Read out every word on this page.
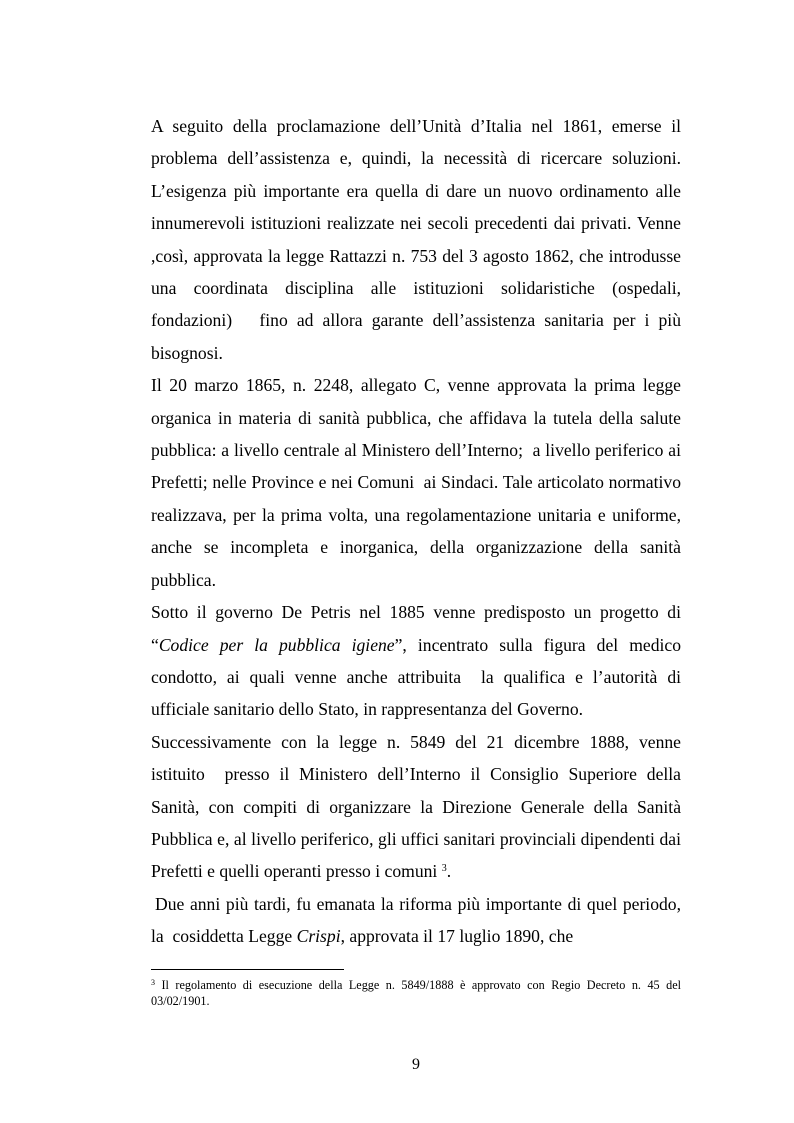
A seguito della proclamazione dell’Unità d’Italia nel 1861, emerse il problema dell’assistenza e, quindi, la necessità di ricercare soluzioni. L’esigenza più importante era quella di dare un nuovo ordinamento alle innumerevoli istituzioni realizzate nei secoli precedenti dai privati. Venne ,così, approvata la legge Rattazzi n. 753 del 3 agosto 1862, che introdusse una coordinata disciplina alle istituzioni solidaristiche (ospedali, fondazioni)   fino ad allora garante dell’assistenza sanitaria per i più bisognosi.

Il 20 marzo 1865, n. 2248, allegato C, venne approvata la prima legge organica in materia di sanità pubblica, che affidava la tutela della salute pubblica: a livello centrale al Ministero dell’Interno;  a livello periferico ai Prefetti; nelle Province e nei Comuni  ai Sindaci. Tale articolato normativo realizzava, per la prima volta, una regolamentazione unitaria e uniforme, anche se incompleta e inorganica, della organizzazione della sanità pubblica.

Sotto il governo De Petris nel 1885 venne predisposto un progetto di “Codice per la pubblica igiene”, incentrato sulla figura del medico condotto, ai quali venne anche attribuita  la qualifica e l’autorità di ufficiale sanitario dello Stato, in rappresentanza del Governo.

Successivamente con la legge n. 5849 del 21 dicembre 1888, venne istituito  presso il Ministero dell’Interno il Consiglio Superiore della Sanità, con compiti di organizzare la Direzione Generale della Sanità Pubblica e, al livello periferico, gli uffici sanitari provinciali dipendenti dai Prefetti e quelli operanti presso i comuni $^3$.

Due anni più tardi, fu emanata la riforma più importante di quel periodo, la  cosiddetta Legge Crispi, approvata il 17 luglio 1890, che

$^3$ Il regolamento di esecuzione della Legge n. 5849/1888 è approvato con Regio Decreto n. 45 del 03/02/1901.
9
